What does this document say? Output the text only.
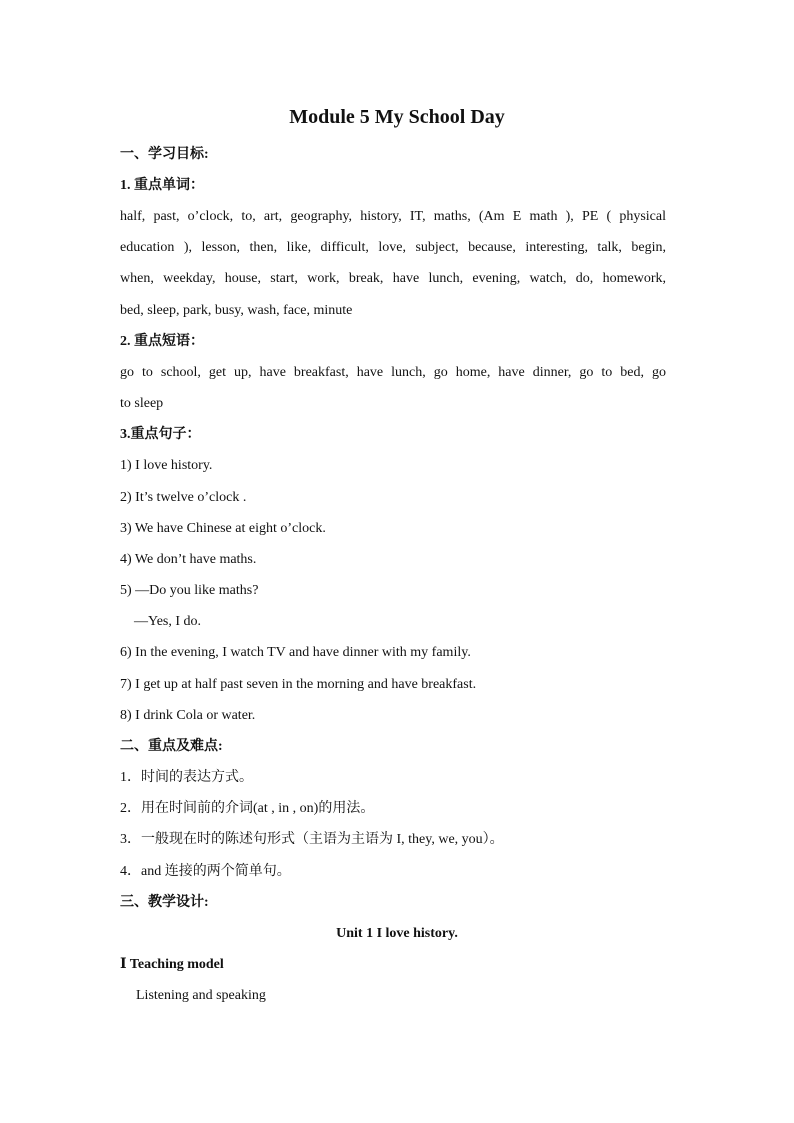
Module 5 My School Day
一、学习目标:
1. 重点单词：
half, past, o’clock, to, art, geography, history, IT, maths, (Am E math ), PE ( physical
education ), lesson, then, like, difficult, love, subject, because, interesting, talk, begin,
when, weekday, house, start, work, break, have lunch, evening, watch, do, homework,
bed, sleep, park, busy, wash, face, minute
2. 重点短语：
go to school, get up, have breakfast, have lunch, go home, have dinner, go to bed, go
to sleep
3.重点句子：
1) I love history.
2) It’s twelve o’clock .
3) We have Chinese at eight o’clock.
4) We don’t have maths.
5) —Do you like maths?
—Yes, I do.
6) In the evening, I watch TV and have dinner with my family.
7) I get up at half past seven in the morning and have breakfast.
8) I drink Cola or water.
二、重点及难点:
1．时间的表达方式。
2．用在时间前的介词(at , in , on)的用法。
3．一般现在时的陈述句形式（主语为主语为 I, they, we, you）。
4．and 连接的两个简单句。
三、教学设计:
Unit 1 I love history.
Ⅰ Teaching model
Listening and speaking
